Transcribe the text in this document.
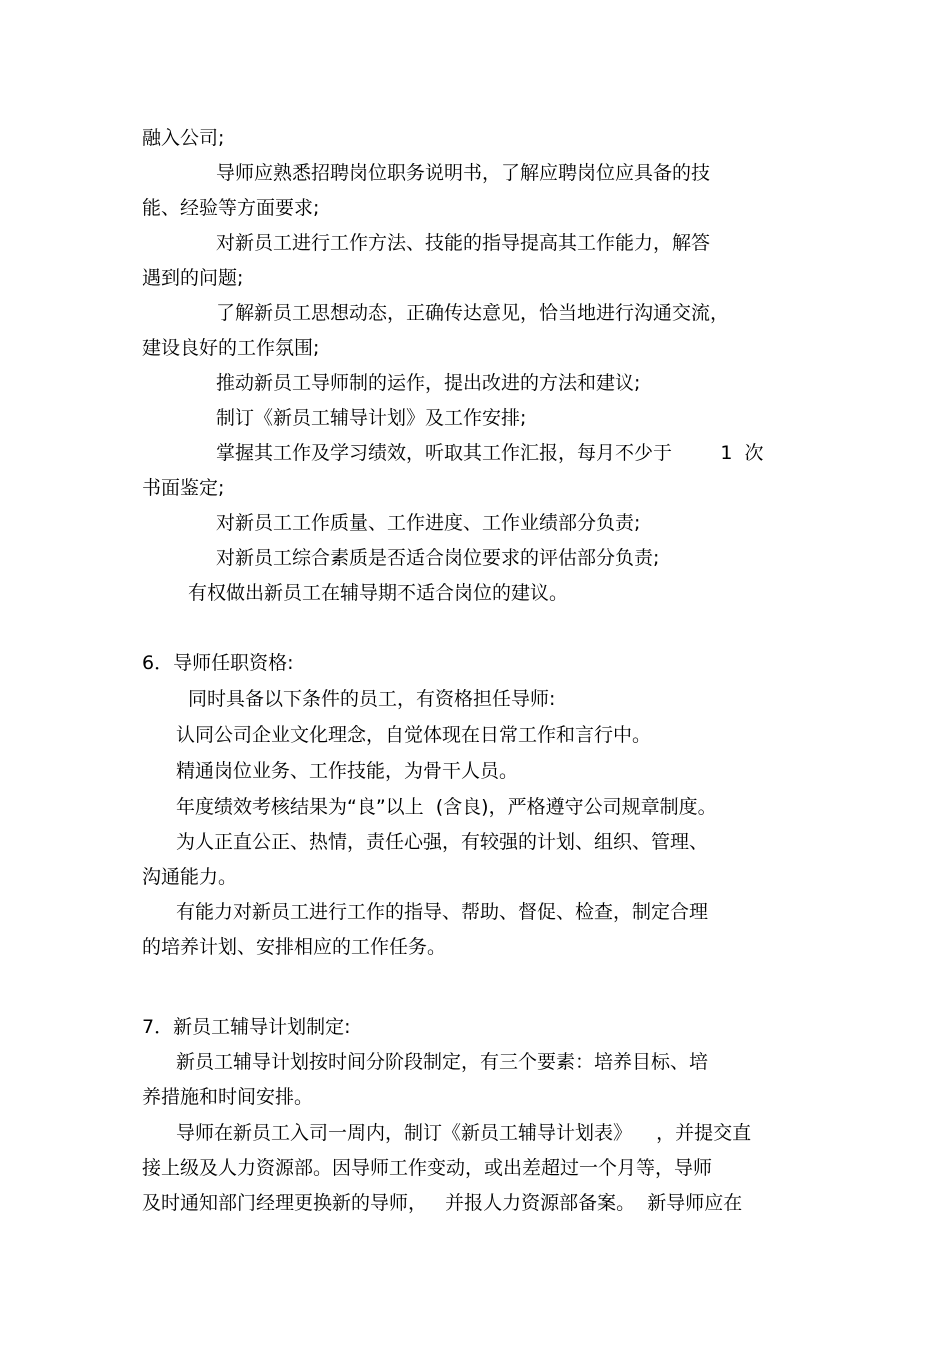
融入公司;

导师应熟悉招聘岗位职务说明书，了解应聘岗位应具备的技

能、经验等方面要求;

对新员工进行工作方法、技能的指导提高其工作能力，解答

遇到的问题;

了解新员工思想动态，正确传达意见，恰当地进行沟通交流，

建设良好的工作氛围;

推动新员工导师制的运作，提出改进的方法和建议;

制订《新员工辅导计划》及工作安排;

掌握其工作及学习绩效，听取其工作汇报，每月不少于        1  次

书面鉴定;

对新员工工作质量、工作进度、工作业绩部分负责;

对新员工综合素质是否适合岗位要求的评估部分负责;

有权做出新员工在辅导期不适合岗位的建议。

6．导师任职资格:

同时具备以下条件的员工，有资格担任导师:

认同公司企业文化理念，自觉体现在日常工作和言行中。

精通岗位业务、工作技能，为骨干人员。

年度绩效考核结果为“良”以上  (含良)，严格遵守公司规章制度。

为人正直公正、热情，责任心强，有较强的计划、组织、管理、

沟通能力。

有能力对新员工进行工作的指导、帮助、督促、检查，制定合理

的培养计划、安排相应的工作任务。

7．新员工辅导计划制定:

新员工辅导计划按时间分阶段制定，有三个要素：培养目标、培

养措施和时间安排。

导师在新员工入司一周内，制订《新员工辅导计划表》    ，并提交直

接上级及人力资源部。因导师工作变动，或出差超过一个月等，导师

及时通知部门经理更换新的导师，   并报人力资源部备案。  新导师应在
